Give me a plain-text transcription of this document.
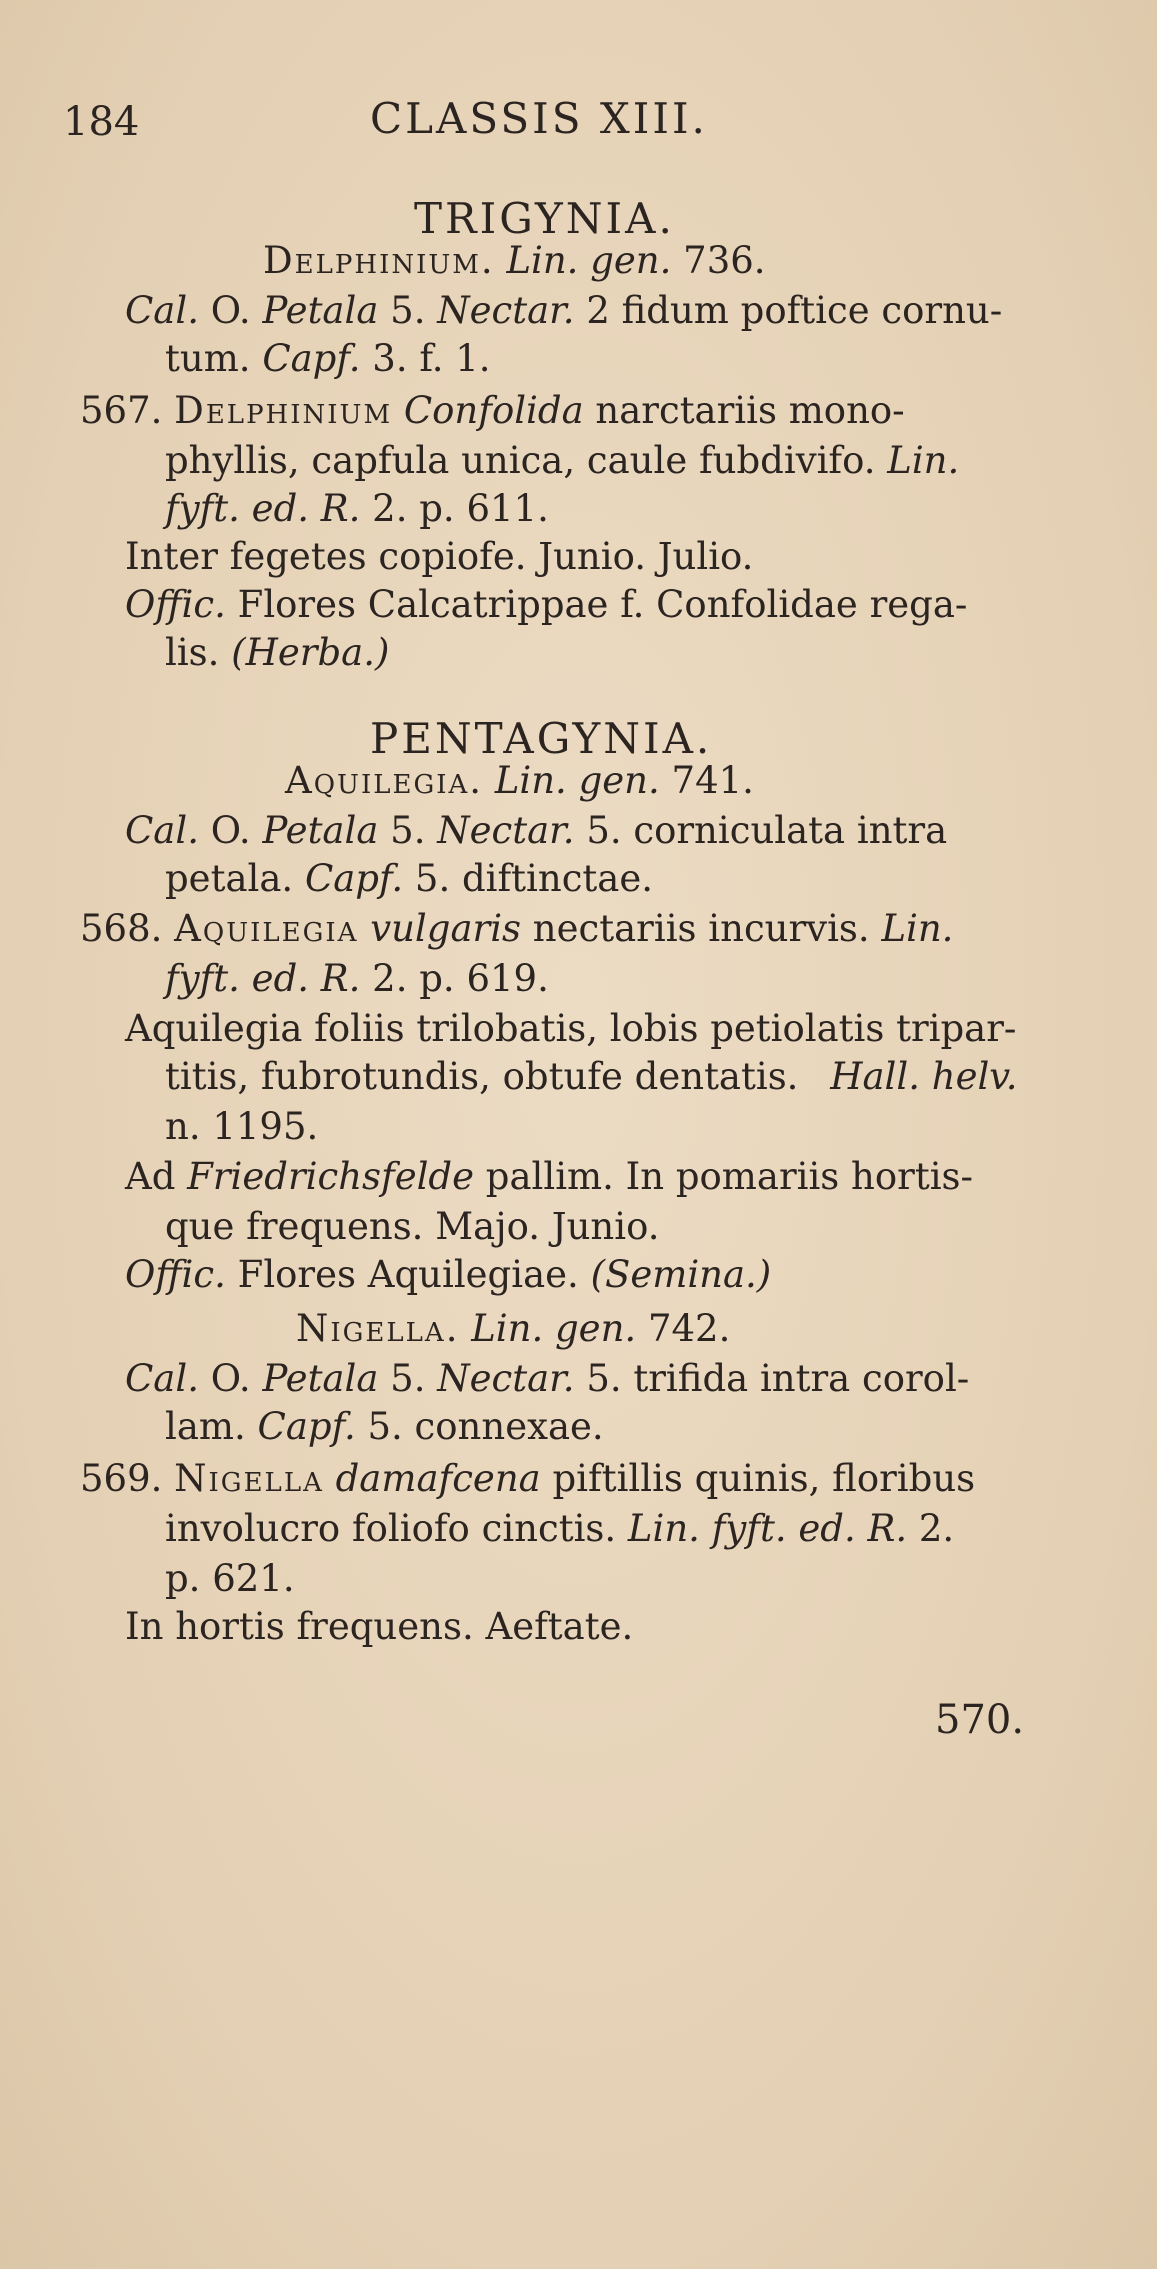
184	CLASSIS XIII.
TRIGYNIA.
Delphinium. Lin. gen. 736.
Cal. O. Petala 5. Nectar. 2 fidum poftice cornu-
tum. Capf. 3. f. 1.
567. Delphinium Confolida narctariis mono-
phyllis, capfula unica, caule fubdivifo. Lin.
fyft. ed. R. 2. p. 611.
Inter fegetes copiofe. Junio. Julio.
Offic. Flores Calcatrippae f. Confolidae rega-
lis. (Herba.)
PENTAGYNIA.
Aquilegia. Lin. gen. 741.
Cal. O. Petala 5. Nectar. 5. corniculata intra
petala. Capf. 5. diftinctae.
568. Aquilegia vulgaris nectariis incurvis. Lin.
fyft. ed. R. 2. p. 619.
Aquilegia foliis trilobatis, lobis petiolatis tripar-
titis, fubrotundis, obtufe dentatis. Hall. helv.
n. 1195.
Ad Friedrichsfelde pallim. In pomariis hortis-
que frequens. Majo. Junio.
Offic. Flores Aquilegiae. (Semina.)
Nigella. Lin. gen. 742.
Cal. O. Petala 5. Nectar. 5. trifida intra corol-
lam. Capf. 5. connexae.
569. Nigella damafcena piftillis quinis, floribus
involucro foliofo cinctis. Lin. fyft. ed. R. 2.
p. 621.
In hortis frequens. Aeftate.
570.
